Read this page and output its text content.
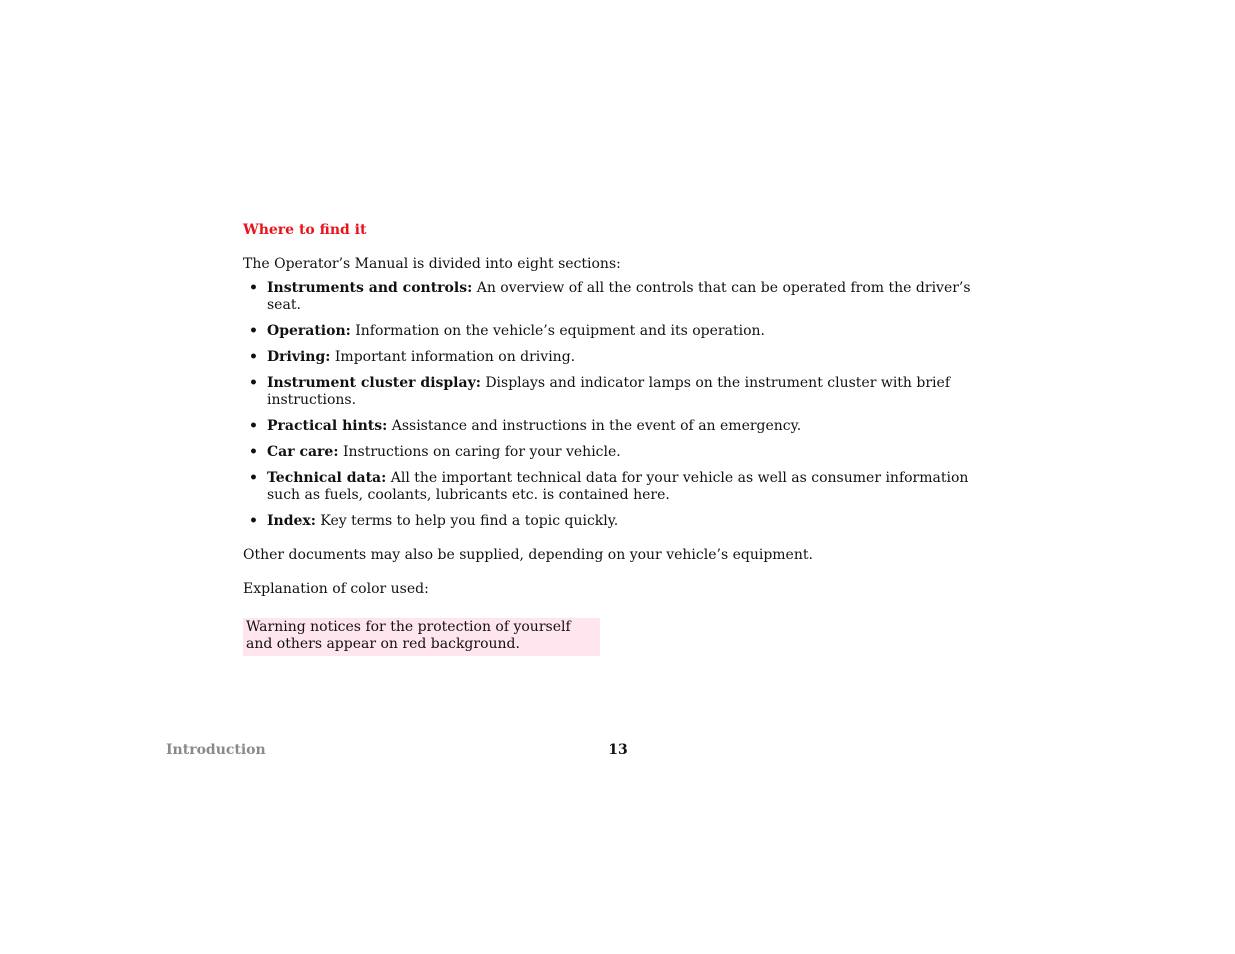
Where to find it

The Operator’s Manual is divided into eight sections:

• Instruments and controls: An overview of all the controls that can be operated from the driver’s seat.
• Operation: Information on the vehicle’s equipment and its operation.
• Driving: Important information on driving.
• Instrument cluster display: Displays and indicator lamps on the instrument cluster with brief instructions.
• Practical hints: Assistance and instructions in the event of an emergency.
• Car care: Instructions on caring for your vehicle.
• Technical data: All the important technical data for your vehicle as well as consumer information such as fuels, coolants, lubricants etc. is contained here.
• Index: Key terms to help you find a topic quickly.

Other documents may also be supplied, depending on your vehicle’s equipment.

Explanation of color used:

Warning notices for the protection of yourself and others appear on red background.
Introduction	13
